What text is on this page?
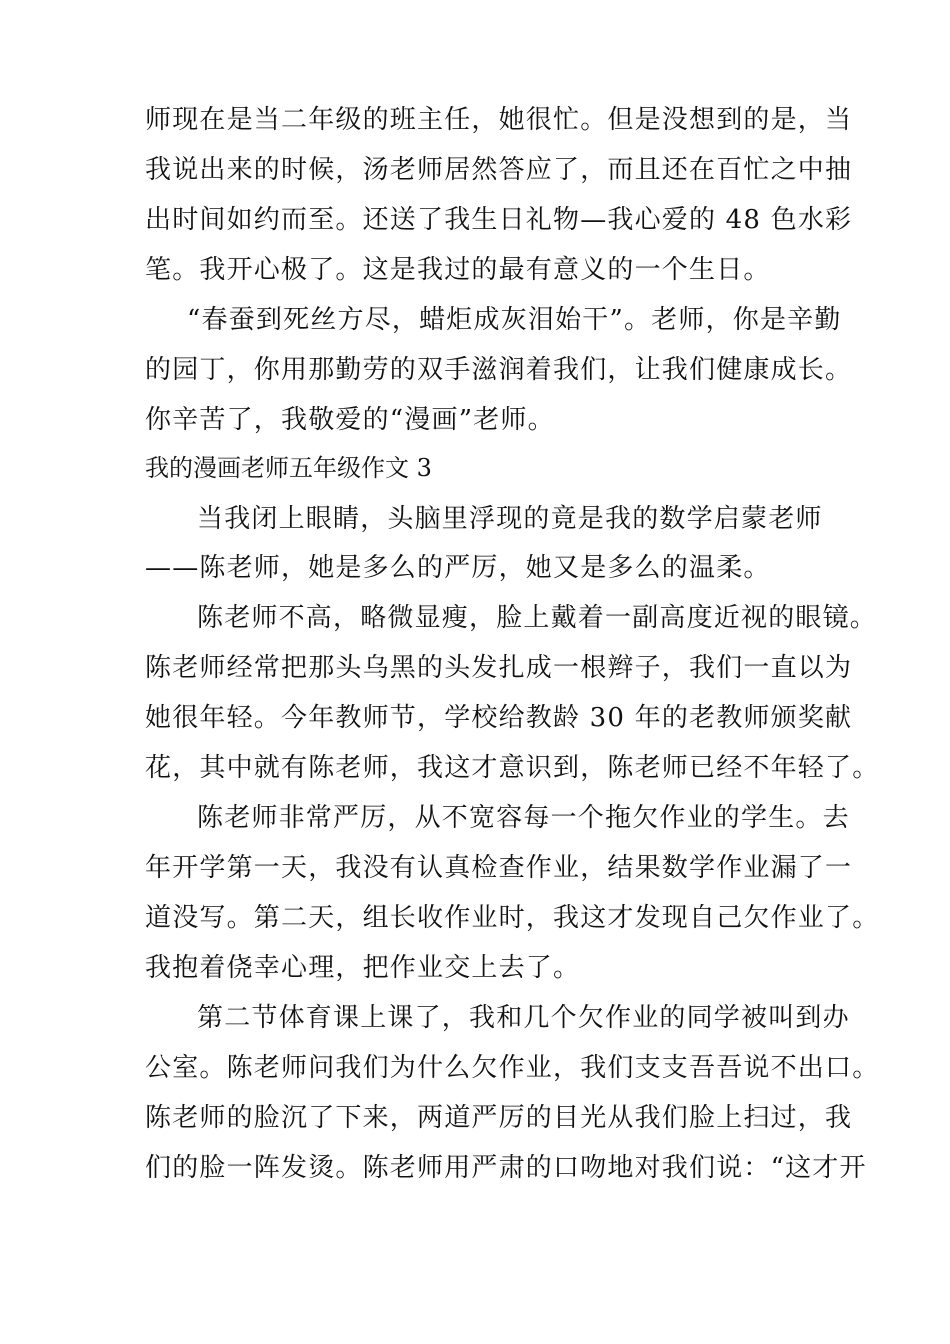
师现在是当二年级的班主任，她很忙。但是没想到的是，当
我说出来的时候，汤老师居然答应了，而且还在百忙之中抽
出时间如约而至。还送了我生日礼物—我心爱的 48 色水彩
笔。我开心极了。这是我过的最有意义的一个生日。
“春蚕到死丝方尽，蜡炬成灰泪始干”。老师，你是辛勤
的园丁，你用那勤劳的双手滋润着我们，让我们健康成长。
你辛苦了，我敬爱的“漫画”老师。
我的漫画老师五年级作文 3
当我闭上眼睛，头脑里浮现的竟是我的数学启蒙老师
——陈老师，她是多么的严厉，她又是多么的温柔。
陈老师不高，略微显瘦，脸上戴着一副高度近视的眼镜。
陈老师经常把那头乌黑的头发扎成一根辫子，我们一直以为
她很年轻。今年教师节，学校给教龄 30 年的老教师颁奖献
花，其中就有陈老师，我这才意识到，陈老师已经不年轻了。
陈老师非常严厉，从不宽容每一个拖欠作业的学生。去
年开学第一天，我没有认真检查作业，结果数学作业漏了一
道没写。第二天，组长收作业时，我这才发现自己欠作业了。
我抱着侥幸心理，把作业交上去了。
第二节体育课上课了，我和几个欠作业的同学被叫到办
公室。陈老师问我们为什么欠作业，我们支支吾吾说不出口。
陈老师的脸沉了下来，两道严厉的目光从我们脸上扫过，我
们的脸一阵发烫。陈老师用严肃的口吻地对我们说：“这才开
